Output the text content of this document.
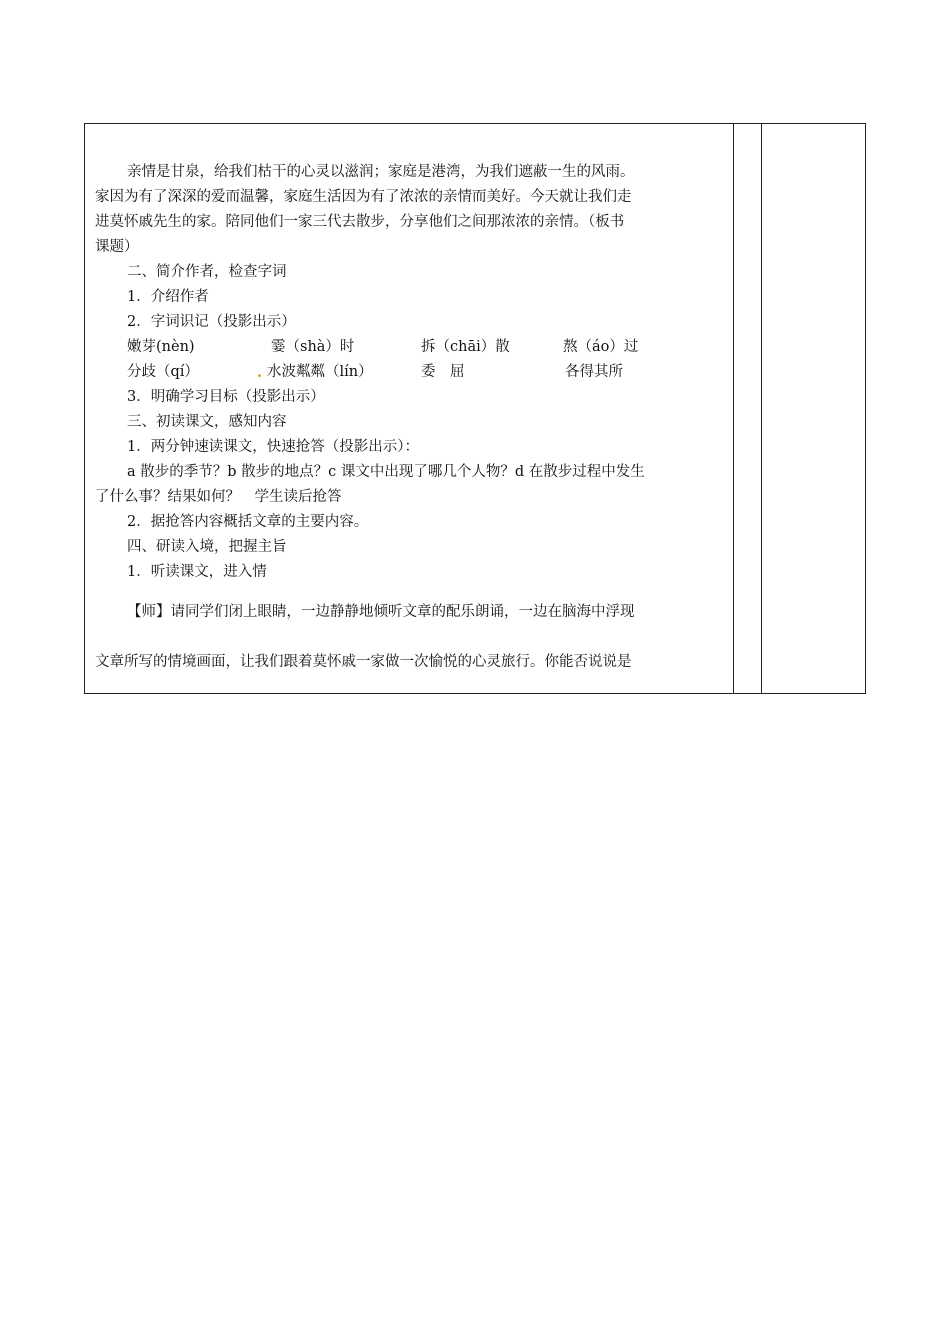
亲情是甘泉，给我们枯干的心灵以滋润；家庭是港湾，为我们遮蔽一生的风雨。

家因为有了深深的爱而温馨，家庭生活因为有了浓浓的亲情而美好。今天就让我们走

进莫怀戚先生的家。陪同他们一家三代去散步，分享他们之间那浓浓的亲情。（板书

课题）

二、简介作者，检查字词

1．介绍作者

2．字词识记（投影出示）

嫩芽(nèn)	霎（shà）时	拆（chāi）散	熬（áo）过
分歧（qí）	. 水波粼粼（lín）	委　屈	各得其所

3．明确学习目标（投影出示）

三、初读课文，感知内容

1．两分钟速读课文，快速抢答（投影出示）：

a 散步的季节？b 散步的地点？c 课文中出现了哪几个人物？d 在散步过程中发生

了什么事？结果如何？　学生读后抢答

2．据抢答内容概括文章的主要内容。

四、研读入境，把握主旨

1．听读课文，进入情

【师】请同学们闭上眼睛，一边静静地倾听文章的配乐朗诵，一边在脑海中浮现

文章所写的情境画面，让我们跟着莫怀戚一家做一次愉悦的心灵旅行。你能否说说是
